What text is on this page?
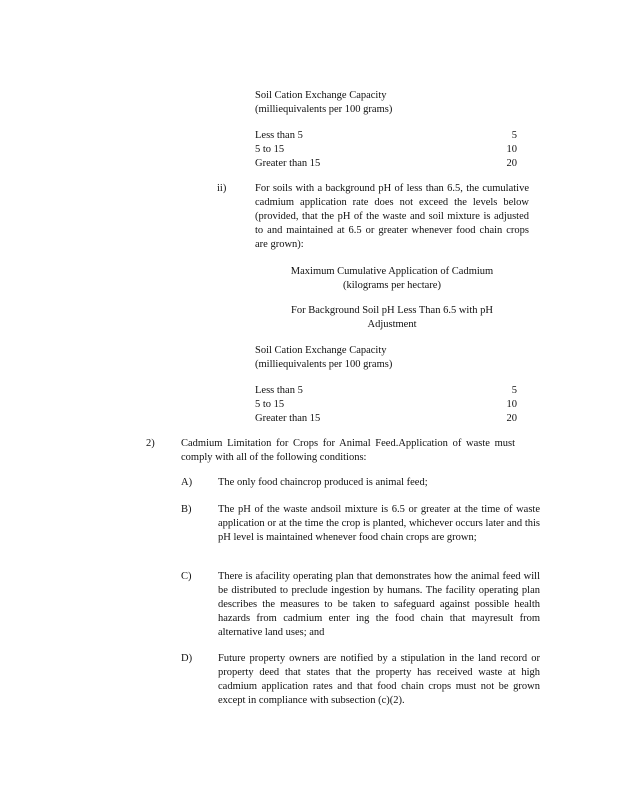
Soil Cation Exchange Capacity
(milliequivalents per 100 grams)
Less than 5	5
5 to 15	10
Greater than 15	20
ii)	For soils with a background pH of less than 6.5, the cumulative cadmium application rate does not exceed the levels below (provided, that the pH of the waste and soil mixture is adjusted to and maintained at 6.5 or greater whenever food chain crops are grown):
Maximum Cumulative Application of Cadmium
(kilograms per hectare)
For Background Soil pH Less Than 6.5 with pH
Adjustment
Soil Cation Exchange Capacity
(milliequivalents per 100 grams)
Less than 5	5
5 to 15	10
Greater than 15	20
2)	Cadmium Limitation for Crops for Animal Feed.Application of waste must comply with all of the following conditions:
A) The only food chaincrop produced is animal feed;
B)	The pH of the waste andsoil mixture is 6.5 or greater at the time of waste application or at the time the crop is planted, whichever occurs later and this pH level is maintained whenever food chain crops are grown;
C)	There is afacility operating plan that demonstrates how the animal feed will be distributed to preclude ingestion by humans. The facility operating plan describes the measures to be taken to safeguard against possible health hazards from cadmium enter ing the food chain that mayresult from alternative land uses; and
D) Future property owners are notified by a stipulation in the land record or property deed that states that the property has received waste at high cadmium application rates and that food chain crops must not be grown except in compliance with subsection (c)(2).
